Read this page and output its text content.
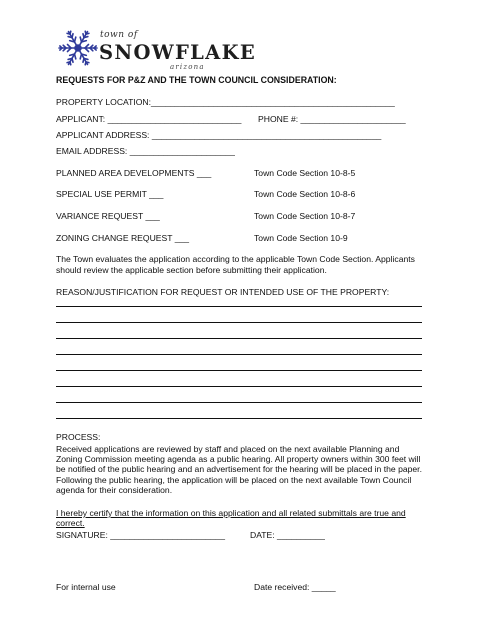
town of
SNOWFLAKE
arizona
REQUESTS FOR P&Z AND THE TOWN COUNCIL CONSIDERATION:
PROPERTY LOCATION:___________________________________________________
APPLICANT: ____________________________ PHONE #: ______________________
APPLICANT ADDRESS: ________________________________________________
EMAIL ADDRESS: ______________________
PLANNED AREA DEVELOPMENTS ___	Town Code Section 10-8-5
SPECIAL USE PERMIT ___	Town Code Section 10-8-6
VARIANCE REQUEST ___	Town Code Section 10-8-7
ZONING CHANGE REQUEST ___	Town Code Section 10-9
The Town evaluates the application according to the applicable Town Code Section. Applicants should review the applicable section before submitting their application.
REASON/JUSTIFICATION FOR REQUEST OR INTENDED USE OF THE PROPERTY:
PROCESS:
Received applications are reviewed by staff and placed on the next available Planning and Zoning Commission meeting agenda as a public hearing. All property owners within 300 feet will be notified of the public hearing and an advertisement for the hearing will be placed in the paper. Following the public hearing, the application will be placed on the next available Town Council agenda for their consideration.
I hereby certify that the information on this application and all related submittals are true and correct.
SIGNATURE: ________________________	DATE: __________
For internal use	Date received: _____
